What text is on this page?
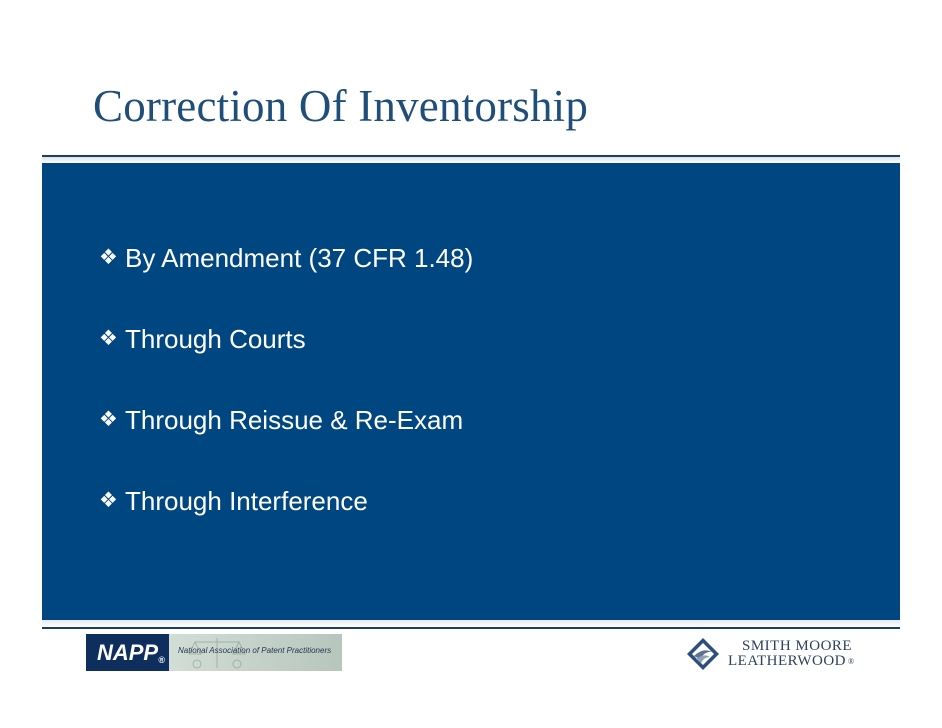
Correction Of Inventorship
❖ By Amendment (37 CFR 1.48)
❖ Through Courts
❖ Through Reissue & Re-Exam
❖ Through Interference
NAPP ®
National Association of Patent Practitioners	SMITH MOORE
LEATHERWOOD ®
